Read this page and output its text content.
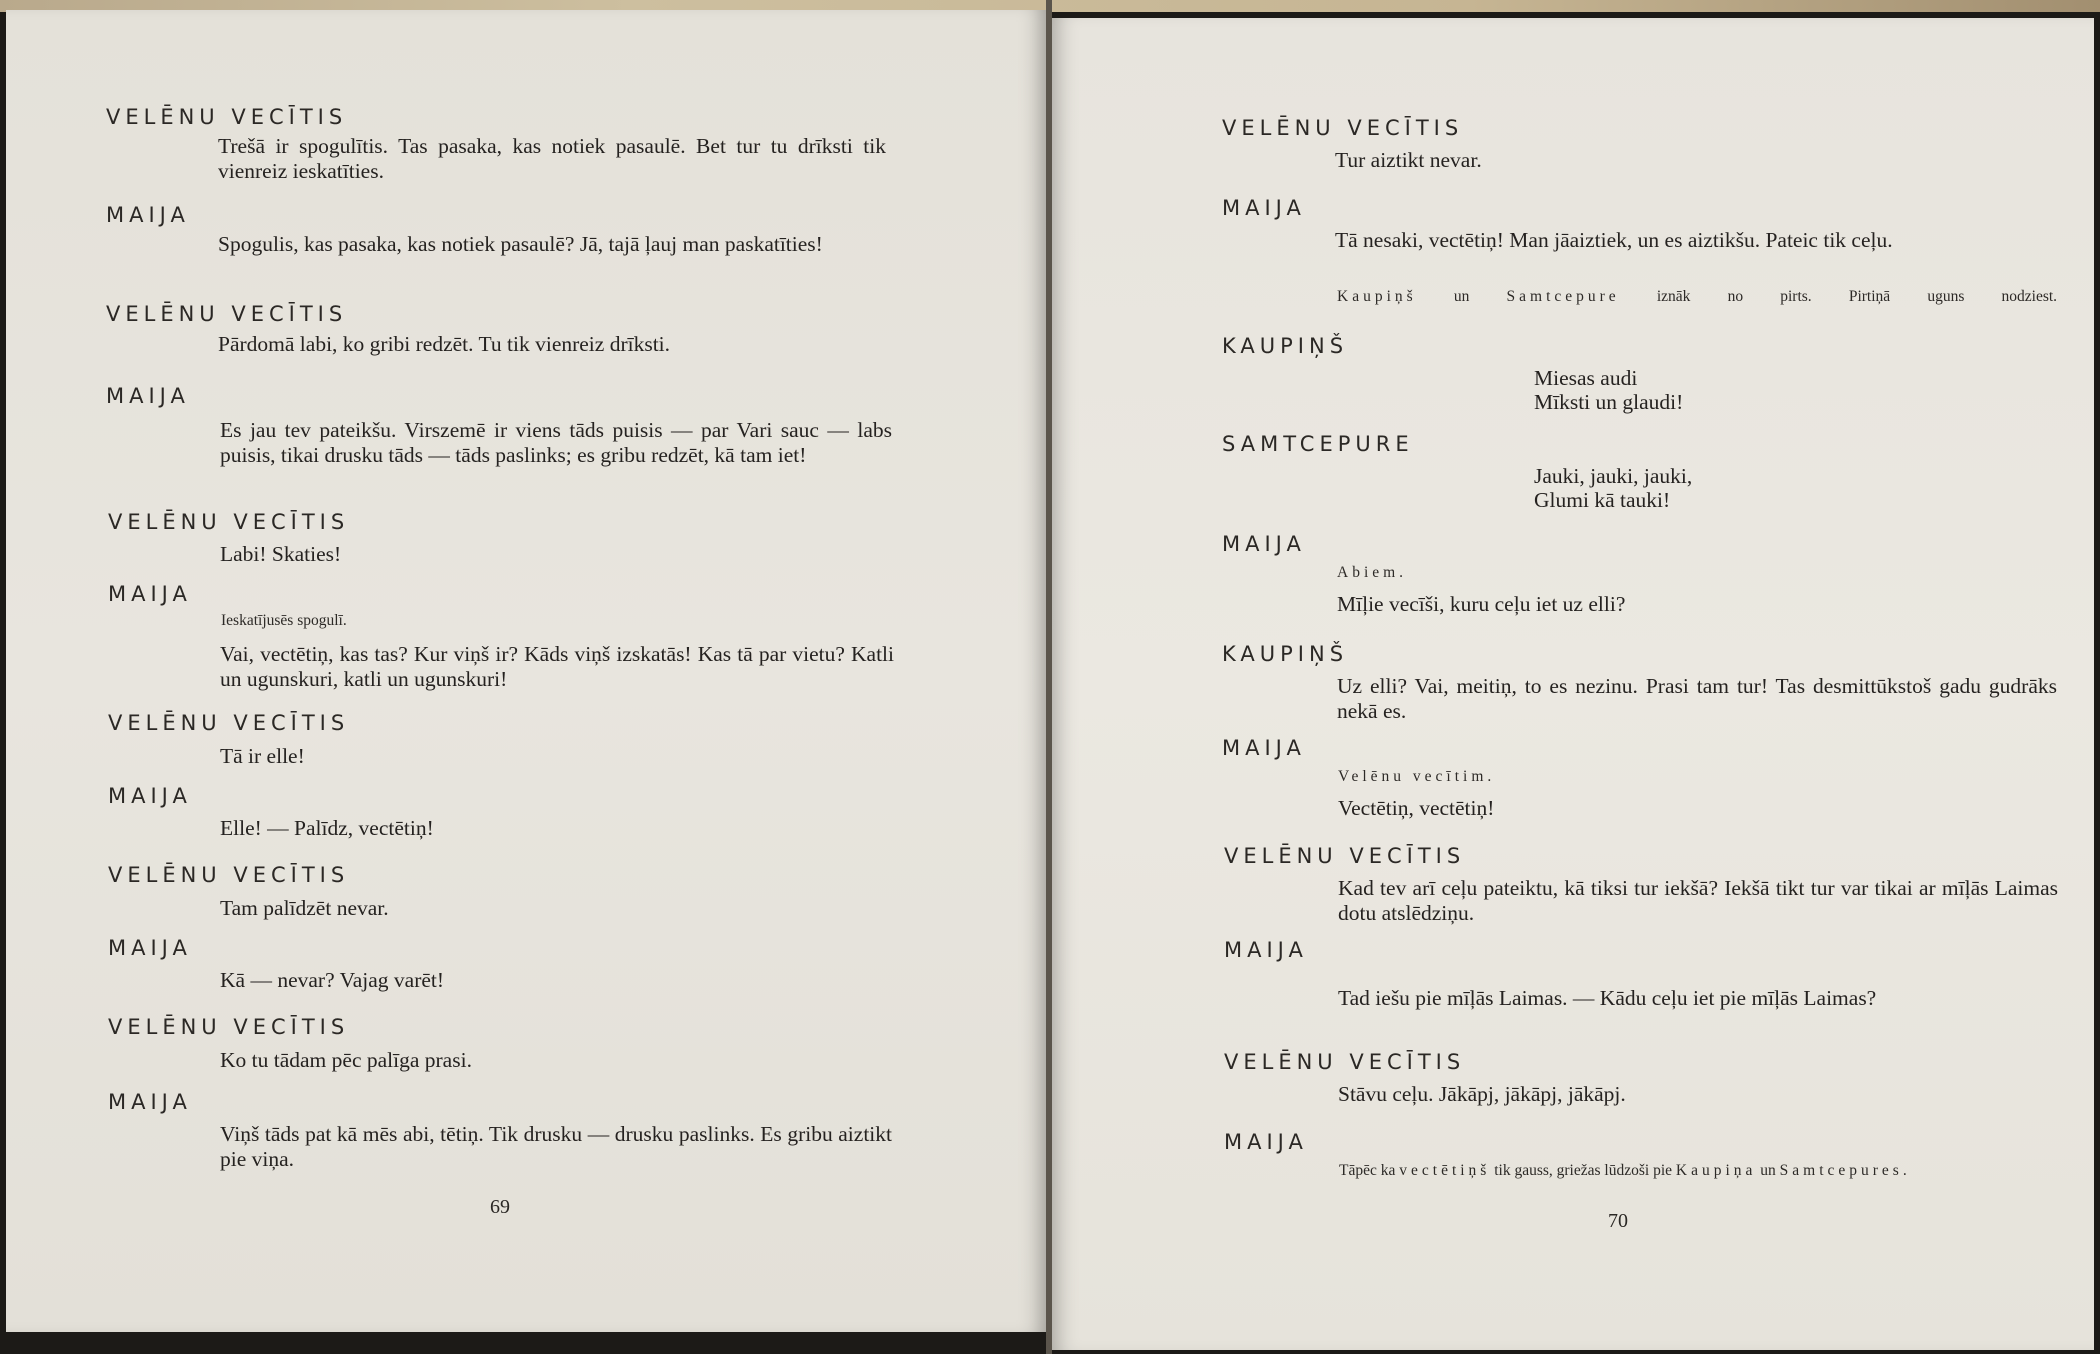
VELĒNU VECĪTIS
Trešā ir spogulītis. Tas pasaka, kas notiek pasaulē. Bet tur tu drīksti tik vienreiz ieskatīties.
MAIJA
Spogulis, kas pasaka, kas notiek pasaulē? Jā, tajā ļauj man paskatīties!
VELĒNU VECĪTIS
Pārdomā labi, ko gribi redzēt. Tu tik vienreiz drīksti.
MAIJA
Es jau tev pateikšu. Virszemē ir viens tāds puisis — par Vari sauc — labs puisis, tikai drusku tāds — tāds paslinks; es gribu redzēt, kā tam iet!
VELĒNU VECĪTIS
Labi! Skaties!
MAIJA
Ieskatījusēs spogulī.
Vai, vectētiņ, kas tas? Kur viņš ir? Kāds viņš izskatās! Kas tā par vietu? Katli un ugunskuri, katli un ugunskuri!
VELĒNU VECĪTIS
Tā ir elle!
MAIJA
Elle! — Palīdz, vectētiņ!
VELĒNU VECĪTIS
Tam palīdzēt nevar.
MAIJA
Kā — nevar? Vajag varēt!
VELĒNU VECĪTIS
Ko tu tādam pēc palīga prasi.
MAIJA
Viņš tāds pat kā mēs abi, tētiņ. Tik drusku — drusku paslinks. Es gribu aiztikt pie viņa.
69
VELĒNU VECĪTIS
Tur aiztikt nevar.
MAIJA
Tā nesaki, vectētiņ! Man jāaiztiek, un es aiztikšu. Pateic tik ceļu.
Kaupiņš un Samtcepure iznāk no pirts. Pirtiņā uguns nodziest.
KAUPIŅŠ
Miesas audi
Mīksti un glaudi!
SAMTCEPURE
Jauki, jauki, jauki,
Glumi kā tauki!
MAIJA
Abiem.
Mīļie vecīši, kuru ceļu iet uz elli?
KAUPIŅŠ
Uz elli? Vai, meitiņ, to es nezinu. Prasi tam tur! Tas desmittūkstoš gadu gudrāks nekā es.
MAIJA
Velēnu vecītim.
Vectētiņ, vectētiņ!
VELĒNU VECĪTIS
Kad tev arī ceļu pateiktu, kā tiksi tur iekšā? Iekšā tikt tur var tikai ar mīļās Laimas dotu atslēdziņu.
MAIJA
Tad iešu pie mīļās Laimas. — Kādu ceļu iet pie mīļās Laimas?
VELĒNU VECĪTIS
Stāvu ceļu. Jākāpj, jākāpj, jākāpj.
MAIJA
Tāpēc ka vectētiņš tik gauss, griežas lūdzoši pie Kaupiņa un Samtcepures.
70
